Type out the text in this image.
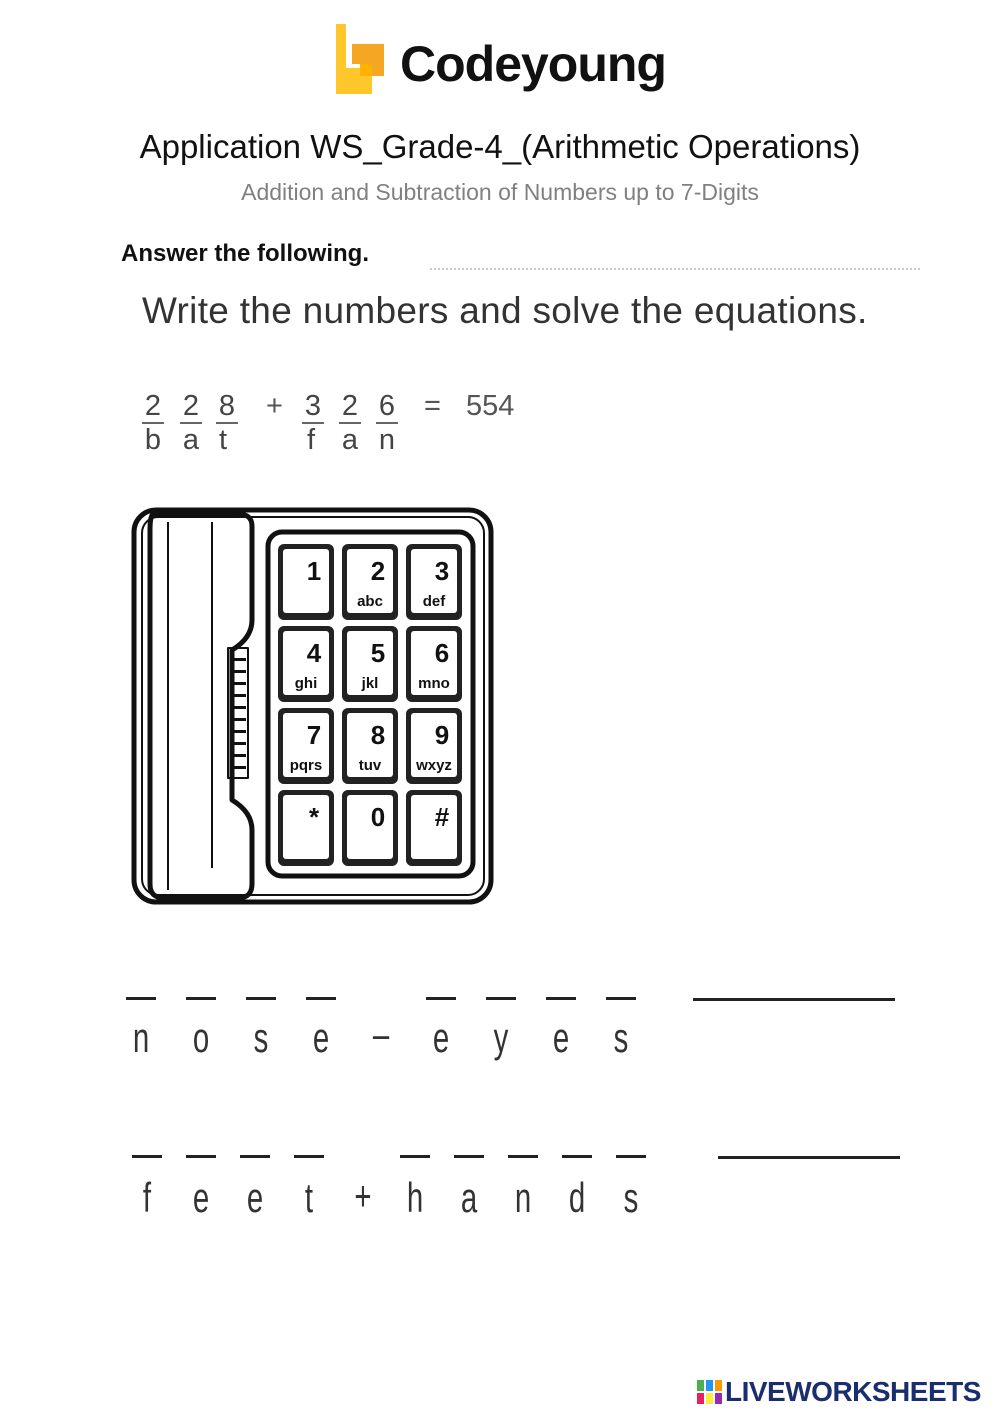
Codeyoung
Application WS_Grade-4_(Arithmetic Operations)
Addition and Subtraction of Numbers up to 7-Digits
Answer the following.
Write the numbers and solve the equations.
2 2 8
b a t
+ 3 2 6
f a n
= 554
1 2
abc
3
def
4
ghi
5
jkl
6
mno
7
pqrs
8
tuv
9
wxyz
* 0 #
n o s e – e y e s
f e e t + h a n d s
LIVEWORKSHEETS
